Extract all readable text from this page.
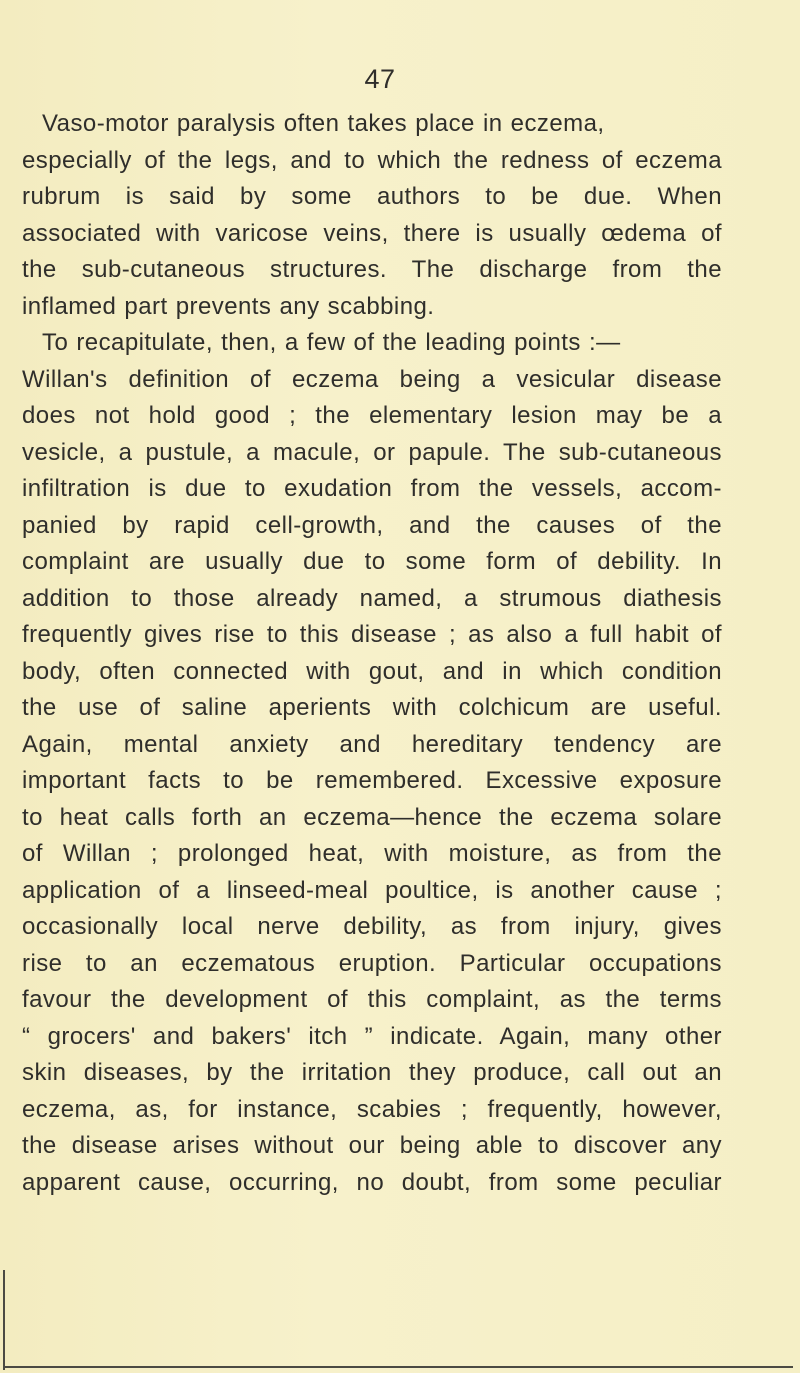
47
Vaso-motor paralysis often takes place in eczema,
especially of the legs, and to which the redness of eczema
rubrum is said by some authors to be due. When
associated with varicose veins, there is usually œdema of
the sub-cutaneous structures. The discharge from the
inflamed part prevents any scabbing.
To recapitulate, then, a few of the leading points :—
Willan's definition of eczema being a vesicular disease
does not hold good ; the elementary lesion may be a
vesicle, a pustule, a macule, or papule. The sub-cutaneous
infiltration is due to exudation from the vessels, accom-
panied by rapid cell-growth, and the causes of the
complaint are usually due to some form of debility. In
addition to those already named, a strumous diathesis
frequently gives rise to this disease ; as also a full habit of
body, often connected with gout, and in which condition
the use of saline aperients with colchicum are useful.
Again, mental anxiety and hereditary tendency are
important facts to be remembered. Excessive exposure
to heat calls forth an eczema—hence the eczema solare
of Willan ; prolonged heat, with moisture, as from the
application of a linseed-meal poultice, is another cause ;
occasionally local nerve debility, as from injury, gives
rise to an eczematous eruption. Particular occupations
favour the development of this complaint, as the terms
“ grocers' and bakers' itch ” indicate. Again, many other
skin diseases, by the irritation they produce, call out an
eczema, as, for instance, scabies ; frequently, however,
the disease arises without our being able to discover any
apparent cause, occurring, no doubt, from some peculiar
